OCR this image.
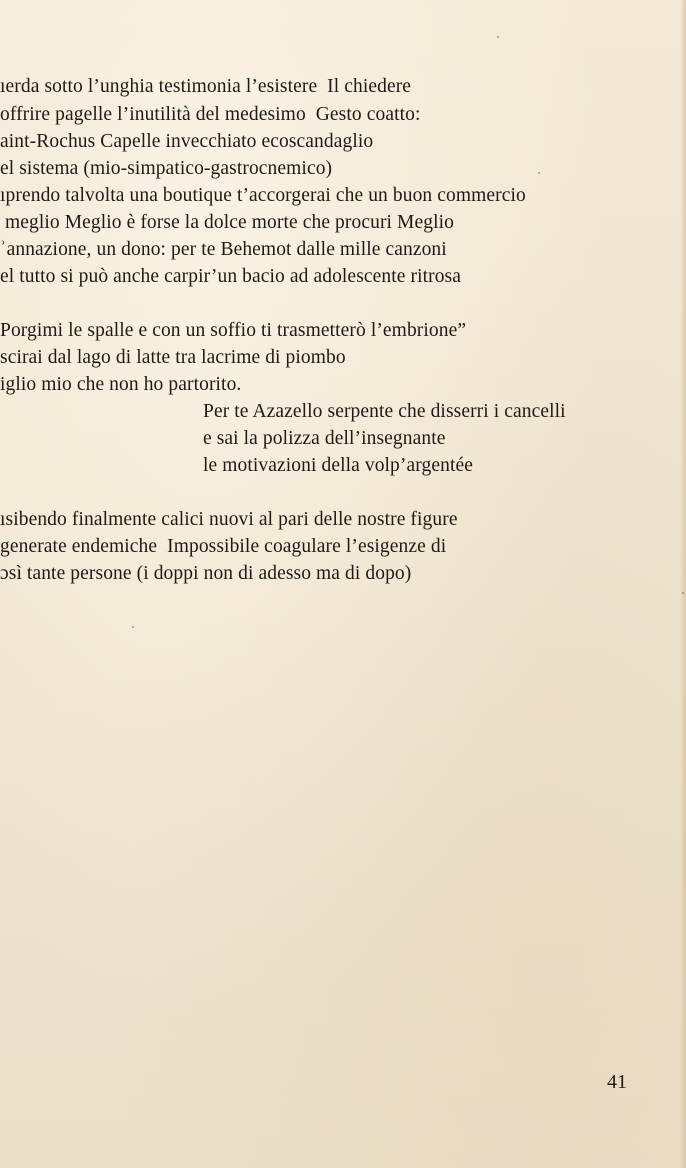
ıerda sotto l’unghia testimonia l’esistere  Il chiedere
offrire pagelle l’inutilità del medesimo  Gesto coatto:
aint-Rochus Capelle invecchiato ecoscandaglio
el sistema (mio-simpatico-gastrocnemico)
ıprendo talvolta una boutique t’accorgerai che un buon commercio
meglio Meglio è forse la dolce morte che procuri Meglio
ʾannazione, un dono: per te Behemot dalle mille canzoni
el tutto si può anche carpir’un bacio ad adolescente ritrosa
Porgimi le spalle e con un soffio ti trasmetterò l’embrione”
scirai dal lago di latte tra lacrime di piombo
iglio mio che non ho partorito.
Per te Azazello serpente che disserri i cancelli
e sai la polizza dell’insegnante
le motivazioni della volp’argentée
ısibendo finalmente calici nuovi al pari delle nostre figure
generate endemiche  Impossibile coagulare l’esigenze di
ɔsì tante persone (i doppi non di adesso ma di dopo)
41
